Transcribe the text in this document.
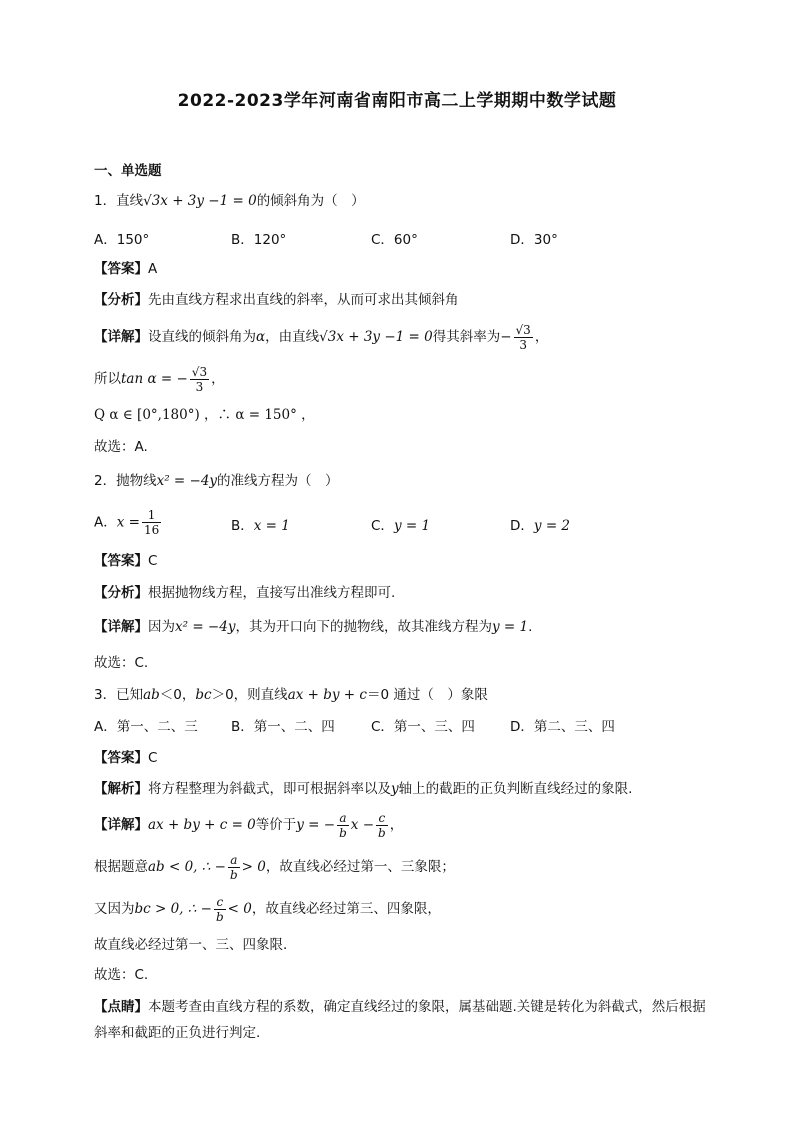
2022-2023学年河南省南阳市高二上学期期中数学试题
一、单选题
1．直线√3x + 3y −1 = 0的倾斜角为（　）
A．150°	B．120°	C．60°	D．30°
【答案】A
【分析】先由直线方程求出直线的斜率，从而可求出其倾斜角
【详解】设直线的倾斜角为α，由直线√3x + 3y −1 = 0得其斜率为− $\frac{√3}{3}$ ，
所以tan α = − $\frac{√3}{3}$ ，
Q α ∈ [0°,180°) ，∴ α = 150° ，
故选：A.
2．抛物线x² = −4y的准线方程为（　）
A．$x = \frac{1}{16}$	B．x = 1	C．y = 1	D．y = 2
【答案】C
【分析】根据抛物线方程，直接写出准线方程即可.
【详解】因为x² = −4y，其为开口向下的抛物线，故其准线方程为y = 1.
故选：C.
3．已知ab＜0，bc＞0，则直线ax + by + c＝0 通过（　）象限
A．第一、二、三 B．第一、二、四	C．第一、三、四	D．第二、三、四
【答案】C
【解析】将方程整理为斜截式，即可根据斜率以及y轴上的截距的正负判断直线经过的象限.
【详解】ax + by + c = 0等价于y = − $\frac{a}{b}$ $x - \frac{c}{b}$ ，
根据题意ab < 0, ∴ − $\frac{a}{b} > 0$，故直线必经过第一、三象限；
又因为bc > 0, ∴ − $\frac{c}{b} < 0$，故直线必经过第三、四象限，
故直线必经过第一、三、四象限.
故选：C.
【点睛】本题考查由直线方程的系数，确定直线经过的象限，属基础题.关键是转化为斜截式，然后根据斜率和截距的正负进行判定.
